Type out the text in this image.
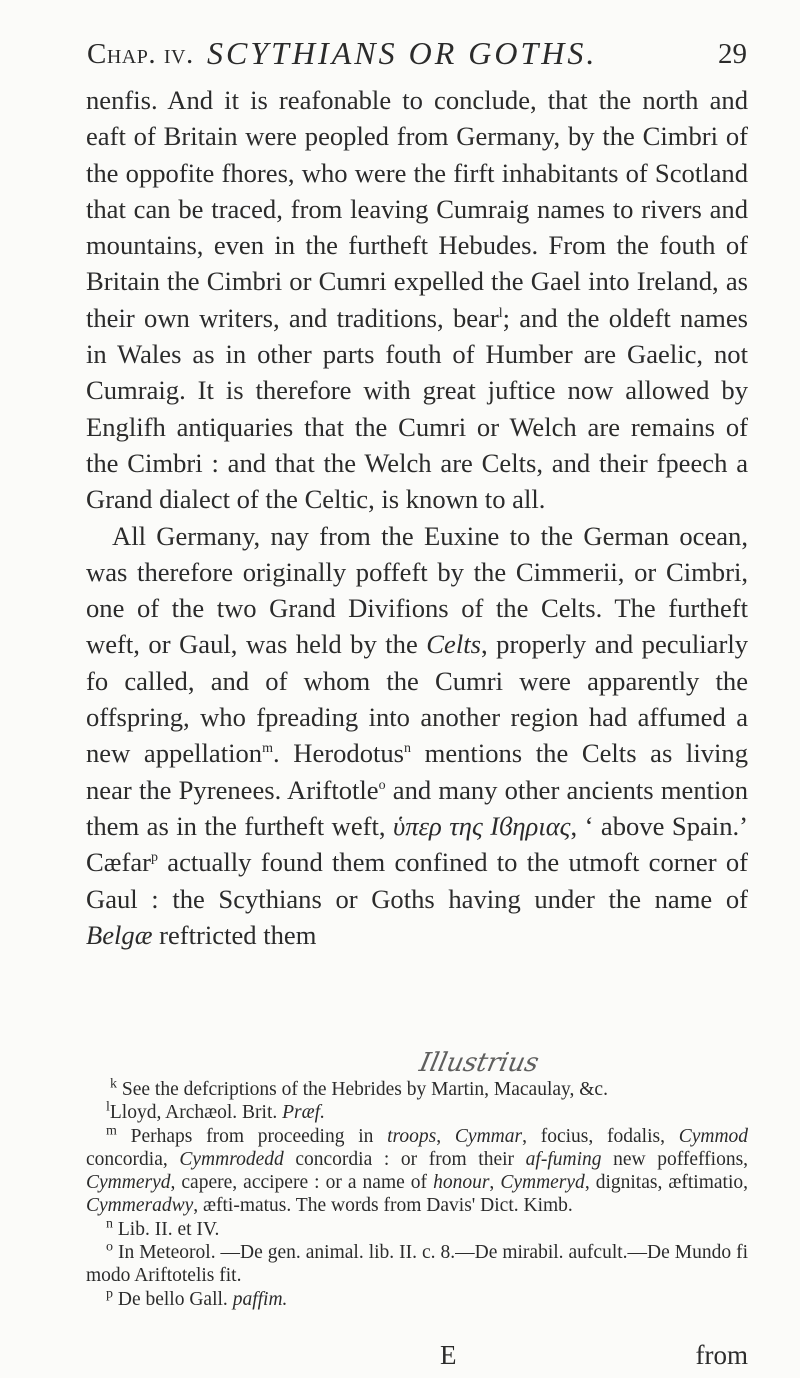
Chap. iv. SCYTHIANS OR GOTHS.	29

nenfis. And it is reafonable to conclude, that the north and eaft of Britain were peopled from Germany, by the Cimbri of the oppofite fhores, who were the firft inhabitants of Scotland that can be traced, from leaving Cumraig names to rivers and mountains, even in the furtheft Hebudes. From the fouth of Britain the Cimbri or Cumri expelled the Gael into Ireland, as their own writers, and traditions, bear$^l$; and the oldeft names in Wales as in other parts fouth of Humber are Gaelic, not Cumraig. It is therefore with great juftice now allowed by Englifh antiquaries that the Cumri or Welch are remains of the Cimbri : and that the Welch are Celts, and their fpeech a Grand dialect of the Celtic, is known to all.

All Germany, nay from the Euxine to the German ocean, was therefore originally poffeft by the Cimmerii, or Cimbri, one of the two Grand Divifions of the Celts. The furtheft weft, or Gaul, was held by the Celts, properly and peculiarly fo called, and of whom the Cumri were apparently the offspring, who fpreading into another region had affumed a new appellation$^m$. Herodotus$^n$ mentions the Celts as living near the Pyrenees. Ariftotle$^o$ and many other ancients mention them as in the furtheft weft, ὑπερ της Ιϐηριας, ‘ above Spain.’ Cæfar$^p$ actually found them confined to the utmoft corner of Gaul : the Scythians or Goths having under the name of Belgæ reftricted them

Illustrius

$^k$ See the defcriptions of the Hebrides by Martin, Macaulay, &c.

$^l$Lloyd, Archæol. Brit. Præf.

$^m$ Perhaps from proceeding in troops, Cymmar, focius, fodalis, Cymmod concordia, Cymmrodedd concordia : or from their af-fuming new poffeffions, Cymmeryd, capere, accipere : or a name of honour, Cymmeryd, dignitas, æftimatio, Cymmeradwy, æfti-matus. The words from Davis' Dict. Kimb.

$^n$ Lib. II. et IV.

$^o$ In Meteorol. —De gen. animal. lib. II. c. 8.—De mirabil. aufcult.—De Mundo fi modo Ariftotelis fit.

$^p$ De bello Gall. paffim.

E	from
